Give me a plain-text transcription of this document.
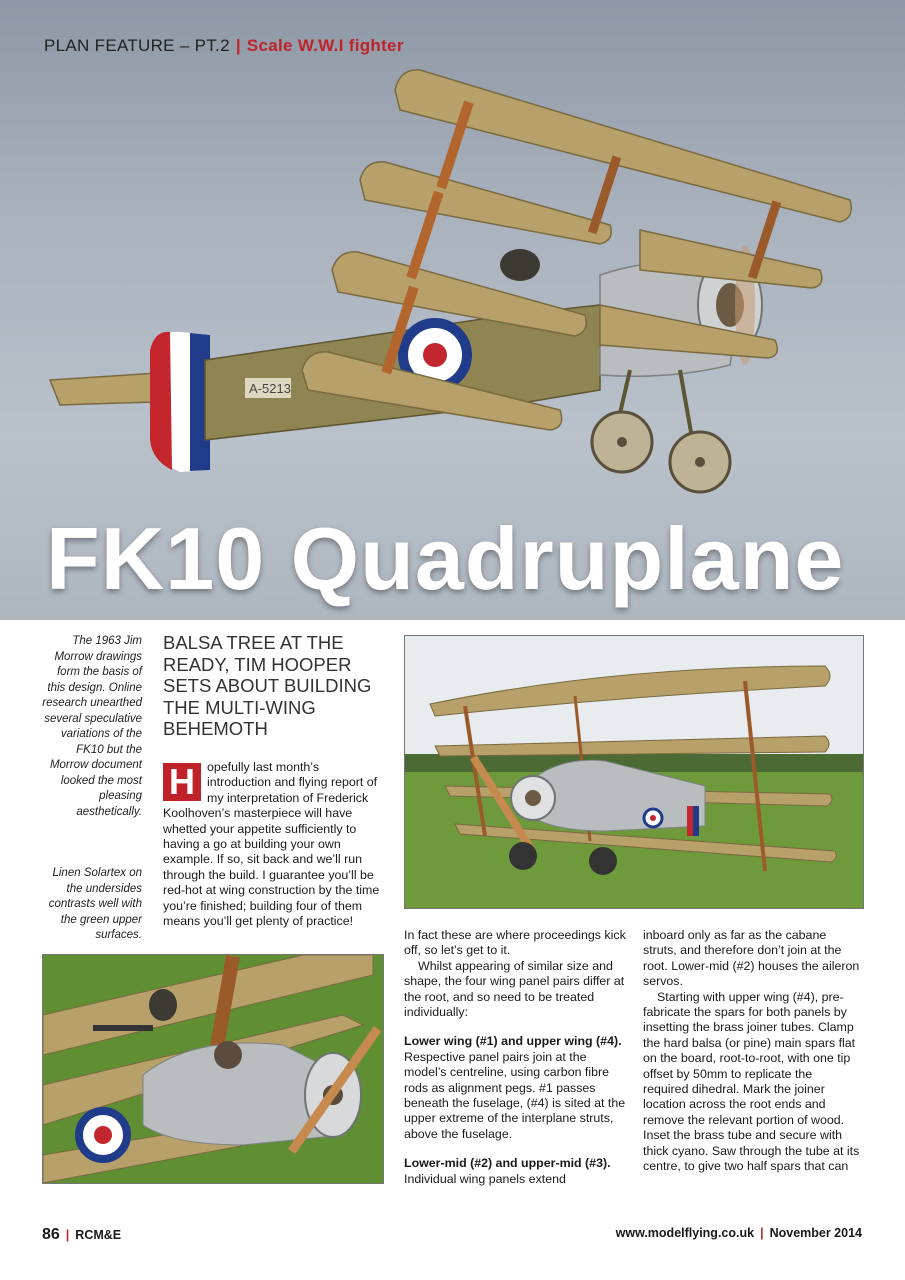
A-5213
PLAN FEATURE – PT.2 | Scale W.W.I fighter
FK10 Quadruplane
The 1963 Jim Morrow drawings form the basis of this design. Online research unearthed several speculative variations of the FK10 but the Morrow document looked the most pleasing aesthetically.
Linen Solartex on the undersides contrasts well with the green upper surfaces.
BALSA TREE AT THE READY, TIM HOOPER SETS ABOUT BUILDING THE MULTI-WING BEHEMOTH
H opefully last month’s introduction and flying report of my interpretation of Frederick Koolhoven’s masterpiece will have whetted your appetite sufficiently to having a go at building your own example. If so, sit back and we’ll run through the build. I guarantee you’ll be red-hot at wing construction by the time you’re finished; building four of them means you’ll get plenty of practice!

In fact these are where proceedings kick off, so let’s get to it.

Whilst appearing of similar size and shape, the four wing panel pairs differ at the root, and so need to be treated individually:

Lower wing (#1) and upper wing (#4).

Respective panel pairs join at the model’s centreline, using carbon fibre rods as alignment pegs. #1 passes beneath the fuselage, (#4) is sited at the upper extreme of the interplane struts, above the fuselage.

Lower-mid (#2) and upper-mid (#3).

Individual wing panels extend

inboard only as far as the cabane struts, and therefore don’t join at the root. Lower-mid (#2) houses the aileron servos.

Starting with upper wing (#4), pre-fabricate the spars for both panels by insetting the brass joiner tubes. Clamp the hard balsa (or pine) main spars flat on the board, root-to-root, with one tip offset by 50mm to replicate the required dihedral. Mark the joiner location across the root ends and remove the relevant portion of wood. Inset the brass tube and secure with thick cyano. Saw through the tube at its centre, to give two half spars that can

86 | RCM&E	www.modelflying.co.uk | November 2014
